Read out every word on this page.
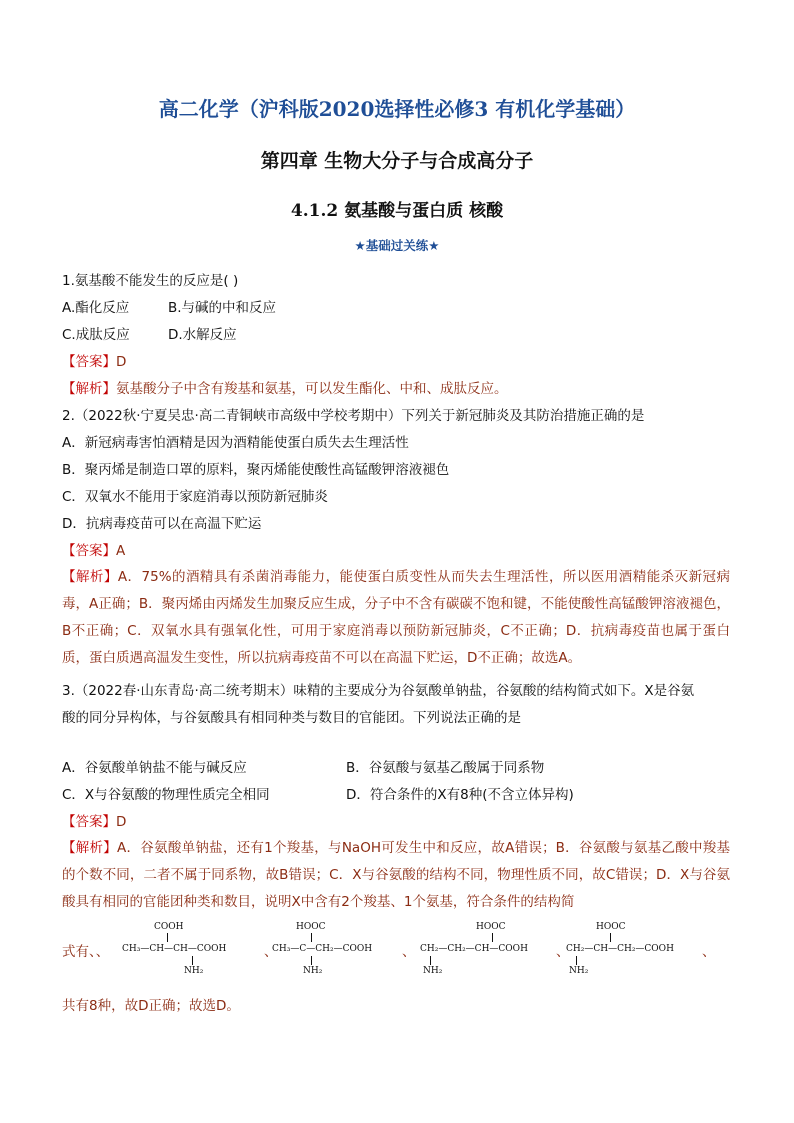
高二化学（沪科版2020选择性必修3 有机化学基础）
第四章 生物大分子与合成高分子
4.1.2 氨基酸与蛋白质 核酸
★基础过关练★
1.氨基酸不能发生的反应是( )
A.酯化反应	B.与碱的中和反应
C.成肽反应	D.水解反应
【答案】D
【解析】氨基酸分子中含有羧基和氨基，可以发生酯化、中和、成肽反应。
2.（2022秋·宁夏吴忠·高二青铜峡市高级中学校考期中）下列关于新冠肺炎及其防治措施正确的是
A．新冠病毒害怕酒精是因为酒精能使蛋白质失去生理活性
B．聚丙烯是制造口罩的原料，聚丙烯能使酸性高锰酸钾溶液褪色
C．双氧水不能用于家庭消毒以预防新冠肺炎
D．抗病毒疫苗可以在高温下贮运
【答案】A
【解析】A．75%的酒精具有杀菌消毒能力，能使蛋白质变性从而失去生理活性，所以医用酒精能杀灭新冠病毒，A正确；B．聚丙烯由丙烯发生加聚反应生成，分子中不含有碳碳不饱和键，不能使酸性高锰酸钾溶液褪色，B不正确；C．双氧水具有强氧化性，可用于家庭消毒以预防新冠肺炎，C不正确；D．抗病毒疫苗也属于蛋白质，蛋白质遇高温发生变性，所以抗病毒疫苗不可以在高温下贮运，D不正确；故选A。
3.（2022春·山东青岛·高二统考期末）味精的主要成分为谷氨酸单钠盐，谷氨酸的结构简式如下。X是谷氨
酸的同分异构体，与谷氨酸具有相同种类与数目的官能团。下列说法正确的是
A．谷氨酸单钠盐不能与碱反应	B．谷氨酸与氨基乙酸属于同系物
C．X与谷氨酸的物理性质完全相同	D．符合条件的X有8种(不含立体异构)
【答案】D
【解析】A．谷氨酸单钠盐，还有1个羧基，与NaOH可发生中和反应，故A错误；B．谷氨酸与氨基乙酸中羧基的个数不同，二者不属于同系物，故B错误；C．X与谷氨酸的结构不同，物理性质不同，故C错误；D．X与谷氨酸具有相同的官能团种类和数目，说明X中含有2个羧基、1个氨基，符合条件的结构简
式有、、
COOH
CH₃—CH—CH—COOH
NH₂
、
HOOC
CH₃—C—CH₂—COOH
NH₂
、
HOOC
CH₂—CH₂—CH—COOH
NH₂
、
HOOC
CH₂—CH—CH₂—COOH
NH₂
、
共有8种，故D正确；故选D。
